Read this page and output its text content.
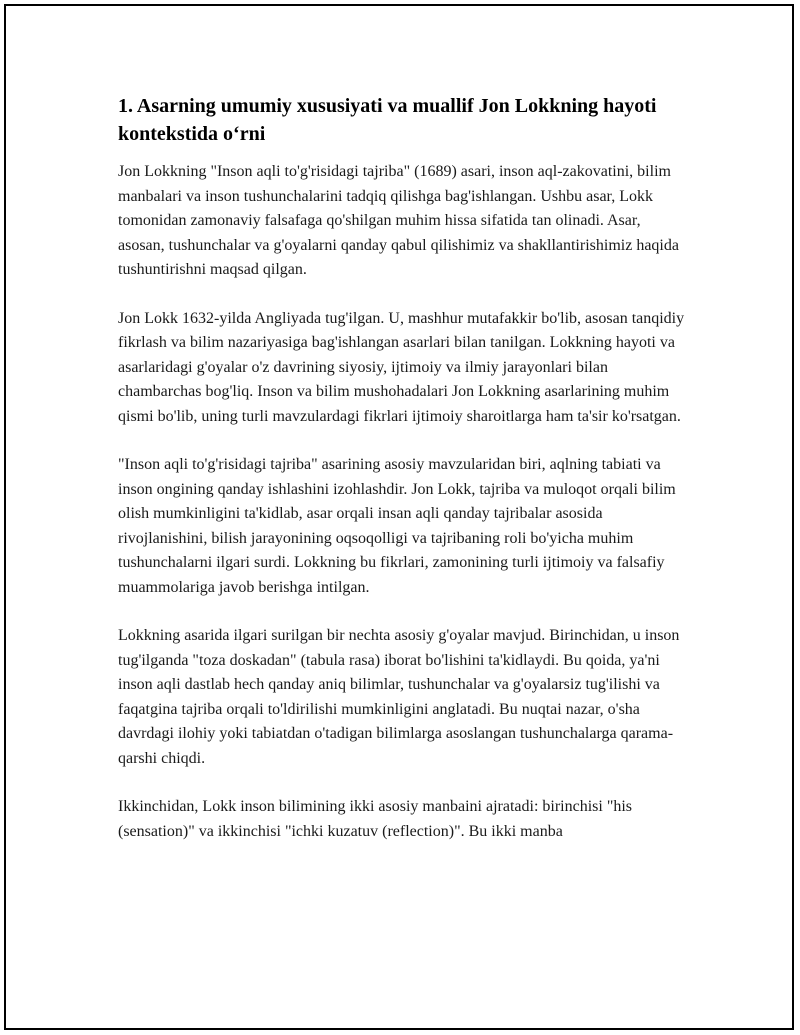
1. Asarning umumiy xususiyati va muallif Jon Lokkning hayoti kontekstida o‘rni

Jon Lokkning "Inson aqli to'g'risidagi tajriba" (1689) asari, inson aql-zakovatini, bilim manbalari va inson tushunchalarini tadqiq qilishga bag'ishlangan. Ushbu asar, Lokk tomonidan zamonaviy falsafaga qo'shilgan muhim hissa sifatida tan olinadi. Asar, asosan, tushunchalar va g'oyalarni qanday qabul qilishimiz va shakllantirishimiz haqida tushuntirishni maqsad qilgan.

Jon Lokk 1632-yilda Angliyada tug'ilgan. U, mashhur mutafakkir bo'lib, asosan tanqidiy fikrlash va bilim nazariyasiga bag'ishlangan asarlari bilan tanilgan. Lokkning hayoti va asarlaridagi g'oyalar o'z davrining siyosiy, ijtimoiy va ilmiy jarayonlari bilan chambarchas bog'liq. Inson va bilim mushohadalari Jon Lokkning asarlarining muhim qismi bo'lib, uning turli mavzulardagi fikrlari ijtimoiy sharoitlarga ham ta'sir ko'rsatgan.

"Inson aqli to'g'risidagi tajriba" asarining asosiy mavzularidan biri, aqlning tabiati va inson ongining qanday ishlashini izohlashdir. Jon Lokk, tajriba va muloqot orqali bilim olish mumkinligini ta'kidlab, asar orqali insan aqli qanday tajribalar asosida rivojlanishini, bilish jarayonining oqsoqolligi va tajribaning roli bo'yicha muhim tushunchalarni ilgari surdi. Lokkning bu fikrlari, zamonining turli ijtimoiy va falsafiy muammolariga javob berishga intilgan.

Lokkning asarida ilgari surilgan bir nechta asosiy g'oyalar mavjud. Birinchidan, u inson tug'ilganda "toza doskadan" (tabula rasa) iborat bo'lishini ta'kidlaydi. Bu qoida, ya'ni inson aqli dastlab hech qanday aniq bilimlar, tushunchalar va g'oyalarsiz tug'ilishi va faqatgina tajriba orqali to'ldirilishi mumkinligini anglatadi. Bu nuqtai nazar, o'sha davrdagi ilohiy yoki tabiatdan o'tadigan bilimlarga asoslangan tushunchalarga qarama-qarshi chiqdi.

Ikkinchidan, Lokk inson bilimining ikki asosiy manbaini ajratadi: birinchisi "his (sensation)" va ikkinchisi "ichki kuzatuv (reflection)". Bu ikki manba
